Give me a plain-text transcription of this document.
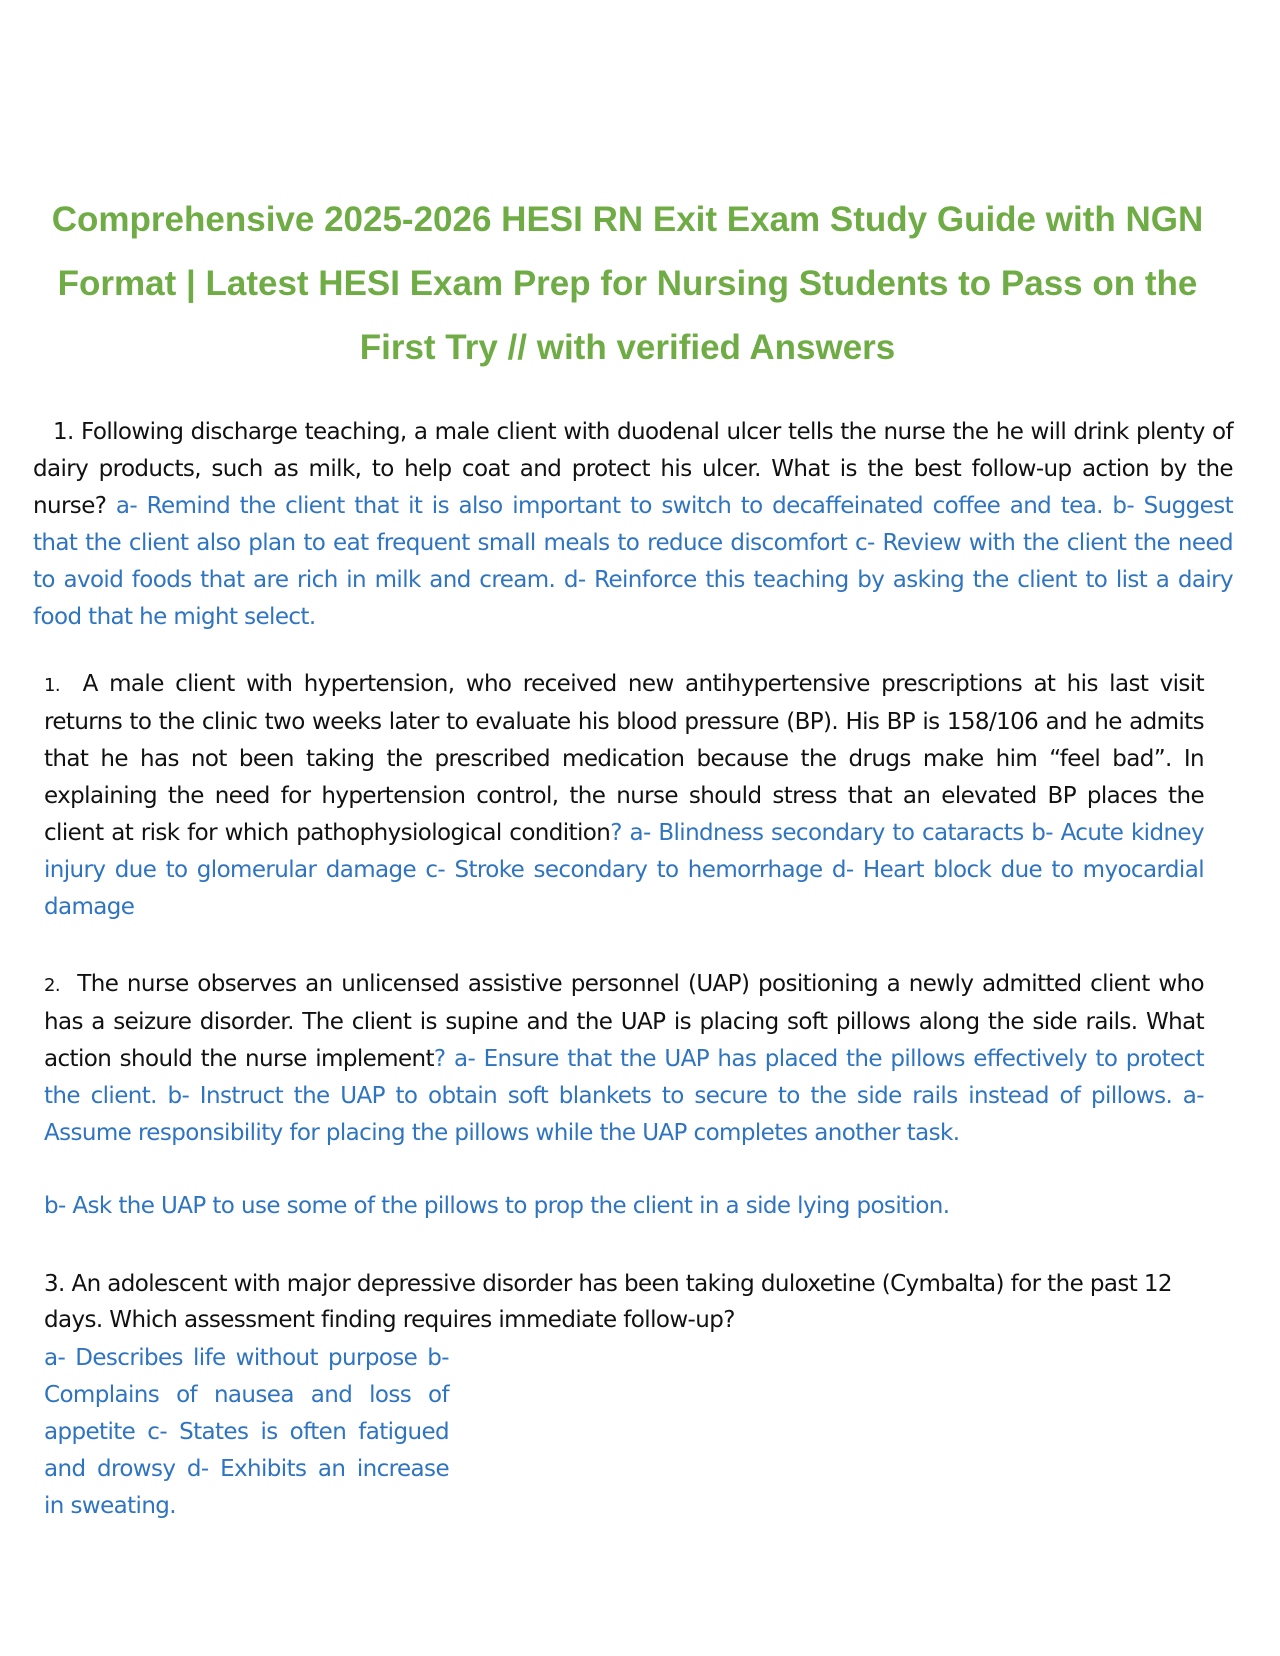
Comprehensive 2025-2026 HESI RN Exit Exam Study Guide with NGN Format | Latest HESI Exam Prep for Nursing Students to Pass on the First Try // with verified Answers

1. Following discharge teaching, a male client with duodenal ulcer tells the nurse the he will drink plenty of dairy products, such as milk, to help coat and protect his ulcer. What is the best follow-up action by the nurse? a- Remind the client that it is also important to switch to decaffeinated coffee and tea. b- Suggest that the client also plan to eat frequent small meals to reduce discomfort c- Review with the client the need to avoid foods that are rich in milk and cream. d- Reinforce this teaching by asking the client to list a dairy food that he might select.

1. A male client with hypertension, who received new antihypertensive prescriptions at his last visit returns to the clinic two weeks later to evaluate his blood pressure (BP). His BP is 158/106 and he admits that he has not been taking the prescribed medication because the drugs make him “feel bad”. In explaining the need for hypertension control, the nurse should stress that an elevated BP places the client at risk for which pathophysiological condition? a- Blindness secondary to cataracts b- Acute kidney injury due to glomerular damage c- Stroke secondary to hemorrhage d- Heart block due to myocardial damage

2. The nurse observes an unlicensed assistive personnel (UAP) positioning a newly admitted client who has a seizure disorder. The client is supine and the UAP is placing soft pillows along the side rails. What action should the nurse implement? a- Ensure that the UAP has placed the pillows effectively to protect the client. b- Instruct the UAP to obtain soft blankets to secure to the side rails instead of pillows. a- Assume responsibility for placing the pillows while the UAP completes another task.

b- Ask the UAP to use some of the pillows to prop the client in a side lying position.

3. An adolescent with major depressive disorder has been taking duloxetine (Cymbalta) for the past 12 days. Which assessment finding requires immediate follow-up?

a- Describes life without purpose b- Complains of nausea and loss of appetite c- States is often fatigued and drowsy d- Exhibits an increase in sweating.
